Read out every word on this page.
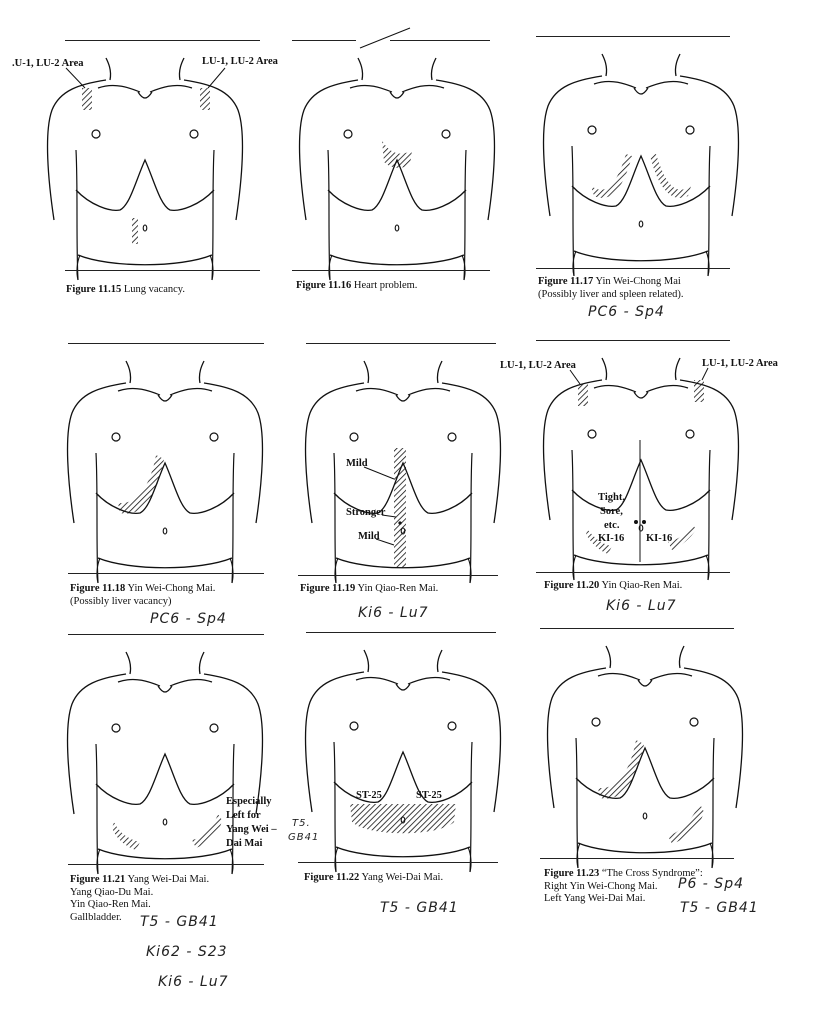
.U-1, LU-2 Area	LU-1, LU-2 Area
Figure 11.15 Lung vacancy.	Figure 11.16 Heart problem.	Figure 11.17 Yin Wei-Chong Mai
(Possibly liver and spleen related).
PC6 - Sp4
Figure 11.18 Yin Wei-Chong Mai.
(Possibly liver vacancy)
PC6 - Sp4
Mild
Stronger
Mild
Figure 11.19 Yin Qiao-Ren Mai.
Ki6 - Lu7
LU-1, LU-2 Area	LU-1, LU-2 Area
Tight,
Sore,
etc.
KI-16 KI-16
Figure 11.20 Yin Qiao-Ren Mai.
Ki6 - Lu7
Especially
Left for
Yang Wei –
Dai Mai
T5.
GB41
Figure 11.21 Yang Wei-Dai Mai.
Yang Qiao-Du Mai.
Yin Qiao-Ren Mai.
Gallbladder.
ST-25	ST-25
Figure 11.22 Yang Wei-Dai Mai.
T5 - GB41
Figure 11.23 “The Cross Syndrome”:
Right Yin Wei-Chong Mai.
Left Yang Wei-Dai Mai.
P6 - Sp4
T5 - GB41
T5 - GB41
Ki62 - S23
Ki6 - Lu7
